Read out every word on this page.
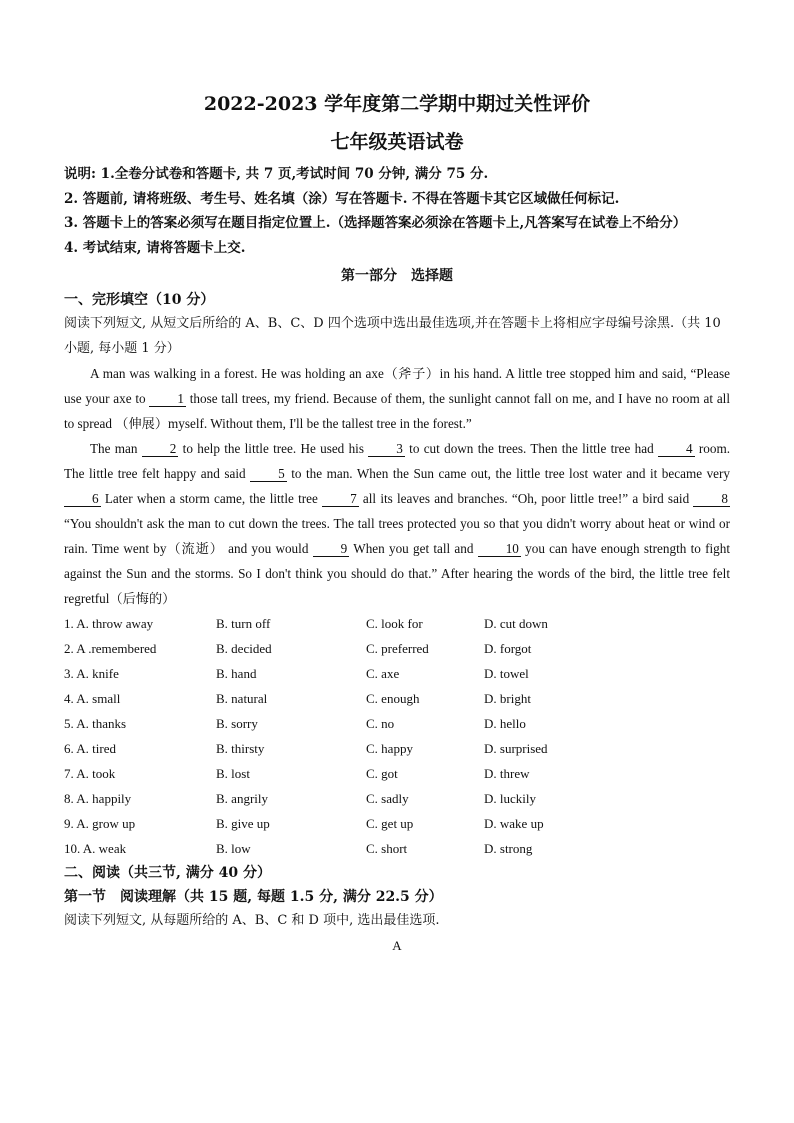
2022-2023 学年度第二学期中期过关性评价
七年级英语试卷
说明: 1.全卷分试卷和答题卡, 共 7 页,考试时间 70 分钟, 满分 75 分.
2. 答题前, 请将班级、考生号、姓名填（涂）写在答题卡. 不得在答题卡其它区域做任何标记.
3. 答题卡上的答案必须写在题目指定位置上.（选择题答案必须涂在答题卡上,凡答案写在试卷上不给分）
4. 考试结束, 请将答题卡上交.
第一部分　选择题
一、完形填空（10 分）
阅读下列短文, 从短文后所给的 A、B、C、D 四个选项中选出最佳选项,并在答题卡上将相应字母编号涂黑.（共 10 小题, 每小题 1 分）

A man was walking in a forest. He was holding an axe（斧子）in his hand. A little tree stopped him and said, “Please use your axe to 1 those tall trees, my friend. Because of them, the sunlight cannot fall on me, and I have no room at all to spread （伸展）myself. Without them, I'll be the tallest tree in the forest.”

The man 2 to help the little tree. He used his 3 to cut down the trees. Then the little tree had 4 room. The little tree felt happy and said 5 to the man. When the Sun came out, the little tree lost water and it became very 6 Later when a storm came, the little tree 7 all its leaves and branches. “Oh, poor little tree!” a bird said 8 “You shouldn't ask the man to cut down the trees. The tall trees protected you so that you didn't worry about heat or wind or rain. Time went by（流逝） and you would 9 When you get tall and 10 you can have enough strength to fight against the Sun and the storms. So I don't think you should do that.” After hearing the words of the bird, the little tree felt regretful（后悔的）

1. A. throw away	B. turn off	C. look for	D. cut down
2. A .remembered	B. decided	C. preferred	D. forgot
3. A. knife	B. hand	C. axe	D. towel
4. A. small	B. natural	C. enough	D. bright
5. A. thanks	B. sorry	C. no	D. hello
6. A. tired	B. thirsty	C. happy	D. surprised
7. A. took	B. lost	C. got	D. threw
8. A. happily	B. angrily	C. sadly	D. luckily
9. A. grow up	B. give up	C. get up	D. wake up
10. A. weak	B. low	C. short	D. strong
二、阅读（共三节, 满分 40 分）
第一节　阅读理解（共 15 题, 每题 1.5 分, 满分 22.5 分）
阅读下列短文, 从每题所给的 A、B、C 和 D 项中, 选出最佳选项.
A
